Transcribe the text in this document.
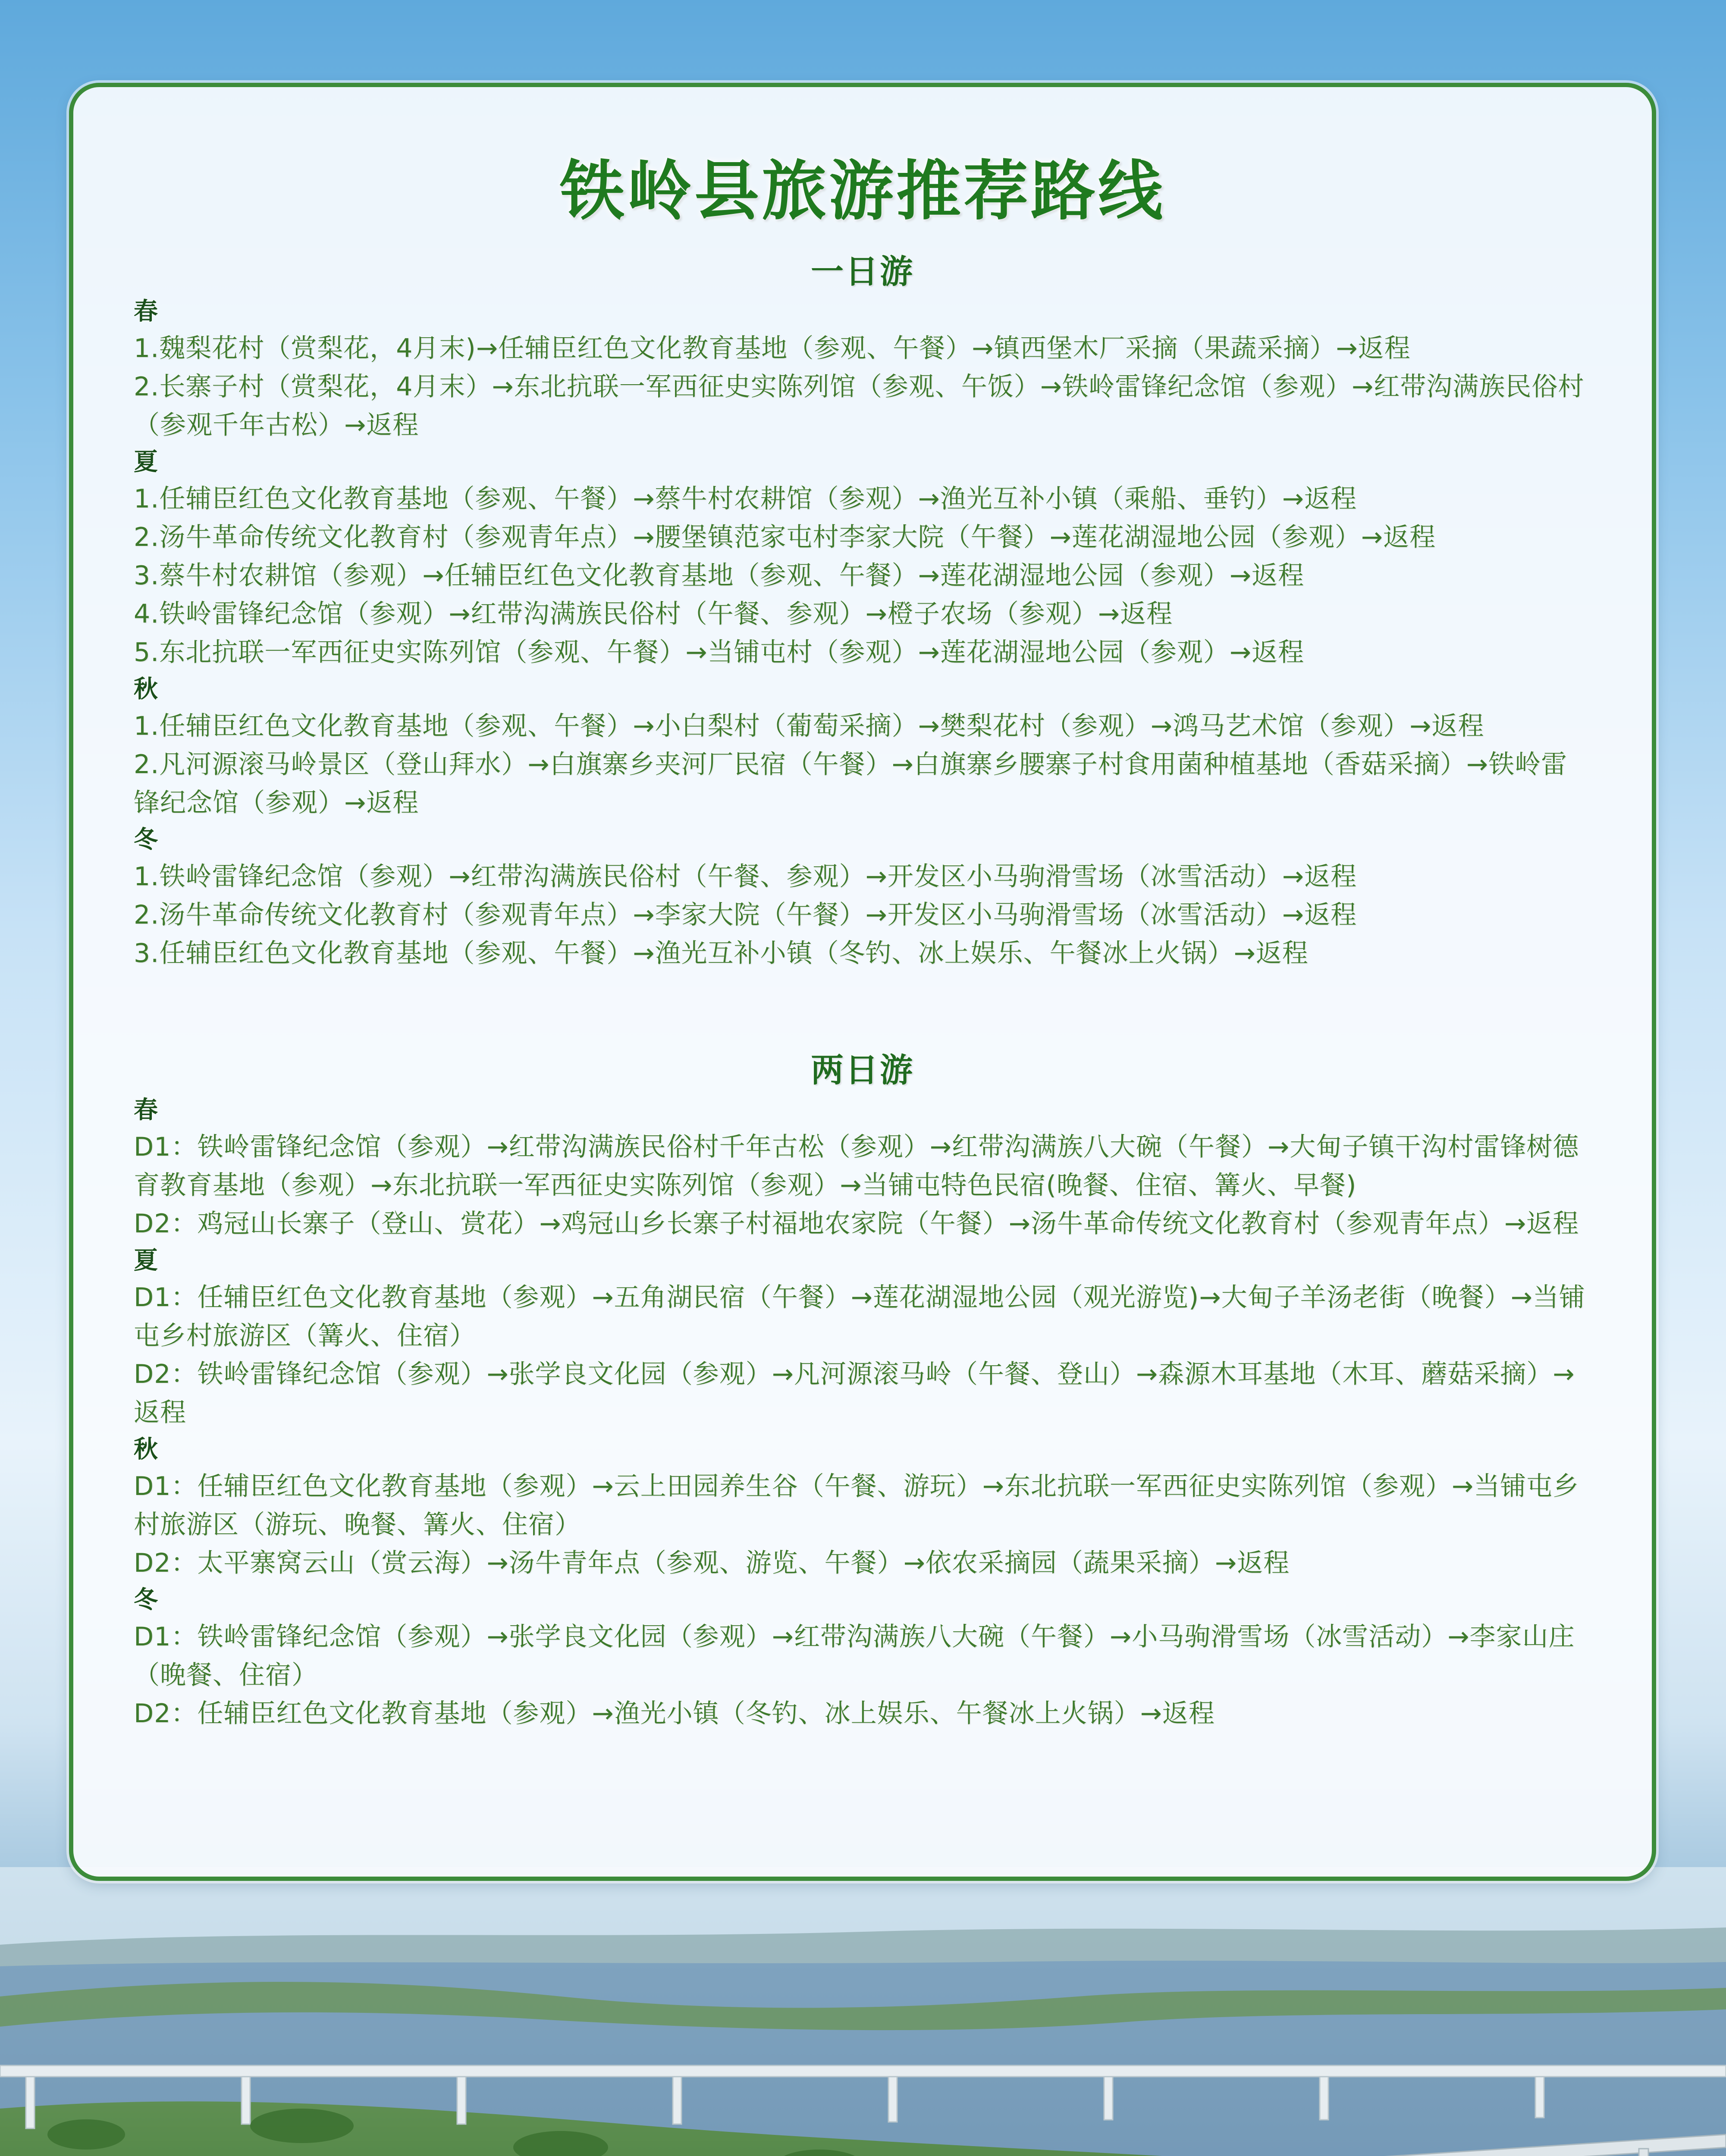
铁岭县旅游推荐路线
一日游
春
1.魏梨花村（赏梨花，4月末)→任辅臣红色文化教育基地（参观、午餐）→镇西堡木厂采摘（果蔬采摘）→返程
2.长寨子村（赏梨花，4月末）→东北抗联一军西征史实陈列馆（参观、午饭）→铁岭雷锋纪念馆（参观）→红带沟满族民俗村（参观千年古松）→返程
夏
1.任辅臣红色文化教育基地（参观、午餐）→蔡牛村农耕馆（参观）→渔光互补小镇（乘船、垂钓）→返程
2.汤牛革命传统文化教育村（参观青年点）→腰堡镇范家屯村李家大院（午餐）→莲花湖湿地公园（参观）→返程
3.蔡牛村农耕馆（参观）→任辅臣红色文化教育基地（参观、午餐）→莲花湖湿地公园（参观）→返程
4.铁岭雷锋纪念馆（参观）→红带沟满族民俗村（午餐、参观）→橙子农场（参观）→返程
5.东北抗联一军西征史实陈列馆（参观、午餐）→当铺屯村（参观）→莲花湖湿地公园（参观）→返程
秋
1.任辅臣红色文化教育基地（参观、午餐）→小白梨村（葡萄采摘）→樊梨花村（参观）→鸿马艺术馆（参观）→返程
2.凡河源滚马岭景区（登山拜水）→白旗寨乡夹河厂民宿（午餐）→白旗寨乡腰寨子村食用菌种植基地（香菇采摘）→铁岭雷锋纪念馆（参观）→返程
冬
1.铁岭雷锋纪念馆（参观）→红带沟满族民俗村（午餐、参观）→开发区小马驹滑雪场（冰雪活动）→返程
2.汤牛革命传统文化教育村（参观青年点）→李家大院（午餐）→开发区小马驹滑雪场（冰雪活动）→返程
3.任辅臣红色文化教育基地（参观、午餐）→渔光互补小镇（冬钓、冰上娱乐、午餐冰上火锅）→返程
两日游
春
D1：铁岭雷锋纪念馆（参观）→红带沟满族民俗村千年古松（参观）→红带沟满族八大碗（午餐）→大甸子镇干沟村雷锋树德育教育基地（参观）→东北抗联一军西征史实陈列馆（参观）→当铺屯特色民宿(晚餐、住宿、篝火、早餐)
D2：鸡冠山长寨子（登山、赏花）→鸡冠山乡长寨子村福地农家院（午餐）→汤牛革命传统文化教育村（参观青年点）→返程
夏
D1：任辅臣红色文化教育基地（参观）→五角湖民宿（午餐）→莲花湖湿地公园（观光游览)→大甸子羊汤老街（晚餐）→当铺屯乡村旅游区（篝火、住宿）
D2：铁岭雷锋纪念馆（参观）→张学良文化园（参观）→凡河源滚马岭（午餐、登山）→森源木耳基地（木耳、蘑菇采摘）→返程
秋
D1：任辅臣红色文化教育基地（参观）→云上田园养生谷（午餐、游玩）→东北抗联一军西征史实陈列馆（参观）→当铺屯乡村旅游区（游玩、晚餐、篝火、住宿）
D2：太平寨窝云山（赏云海）→汤牛青年点（参观、游览、午餐）→依农采摘园（蔬果采摘）→返程
冬
D1：铁岭雷锋纪念馆（参观）→张学良文化园（参观）→红带沟满族八大碗（午餐）→小马驹滑雪场（冰雪活动）→李家山庄（晚餐、住宿）
D2：任辅臣红色文化教育基地（参观）→渔光小镇（冬钓、冰上娱乐、午餐冰上火锅）→返程
